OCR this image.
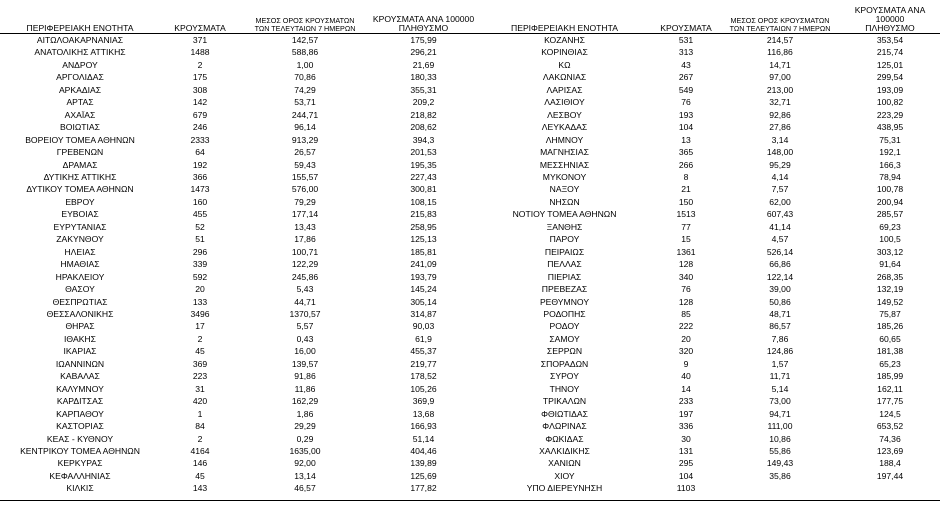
ΠΕΡΙΦΕΡΕΙΑΚΗ ΕΝΟΤΗΤΑ	ΚΡΟΥΣΜΑΤΑ	ΜΕΣΟΣ ΟΡΟΣ ΚΡΟΥΣΜΑΤΩΝ
ΤΩΝ ΤΕΛΕΥΤΑΙΩΝ 7 ΗΜΕΡΩΝ	ΚΡΟΥΣΜΑΤΑ ΑΝΑ 100000
ΠΛΗΘΥΣΜΟ	ΠΕΡΙΦΕΡΕΙΑΚΗ ΕΝΟΤΗΤΑ	ΚΡΟΥΣΜΑΤΑ	ΜΕΣΟΣ ΟΡΟΣ ΚΡΟΥΣΜΑΤΩΝ
ΤΩΝ ΤΕΛΕΥΤΑΙΩΝ 7 ΗΜΕΡΩΝ	ΚΡΟΥΣΜΑΤΑ ΑΝΑ 100000
ΠΛΗΘΥΣΜΟ
ΑΙΤΩΛΟΑΚΑΡΝΑΝΙΑΣ	371	142,57	175,99	ΚΟΖΑΝΗΣ	531	214,57	353,54
ΑΝΑΤΟΛΙΚΗΣ ΑΤΤΙΚΗΣ	1488	588,86	296,21	ΚΟΡΙΝΘΙΑΣ	313	116,86	215,74
ΑΝΔΡΟΥ	2	1,00	21,69	ΚΩ	43	14,71	125,01
ΑΡΓΟΛΙΔΑΣ	175	70,86	180,33	ΛΑΚΩΝΙΑΣ	267	97,00	299,54
ΑΡΚΑΔΙΑΣ	308	74,29	355,31	ΛΑΡΙΣΑΣ	549	213,00	193,09
ΑΡΤΑΣ	142	53,71	209,2	ΛΑΣΙΘΙΟΥ	76	32,71	100,82
ΑΧΑΪΑΣ	679	244,71	218,82	ΛΕΣΒΟΥ	193	92,86	223,29
ΒΟΙΩΤΙΑΣ	246	96,14	208,62	ΛΕΥΚΑΔΑΣ	104	27,86	438,95
ΒΟΡΕΙΟΥ ΤΟΜΕΑ ΑΘΗΝΩΝ	2333	913,29	394,3	ΛΗΜΝΟΥ	13	3,14	75,31
ΓΡΕΒΕΝΩΝ	64	26,57	201,53	ΜΑΓΝΗΣΙΑΣ	365	148,00	192,1
ΔΡΑΜΑΣ	192	59,43	195,35	ΜΕΣΣΗΝΙΑΣ	266	95,29	166,3
ΔΥΤΙΚΗΣ ΑΤΤΙΚΗΣ	366	155,57	227,43	ΜΥΚΟΝΟΥ	8	4,14	78,94
ΔΥΤΙΚΟΥ ΤΟΜΕΑ ΑΘΗΝΩΝ	1473	576,00	300,81	ΝΑΞΟΥ	21	7,57	100,78
ΕΒΡΟΥ	160	79,29	108,15	ΝΗΣΩΝ	150	62,00	200,94
ΕΥΒΟΙΑΣ	455	177,14	215,83	ΝΟΤΙΟΥ ΤΟΜΕΑ ΑΘΗΝΩΝ	1513	607,43	285,57
ΕΥΡΥΤΑΝΙΑΣ	52	13,43	258,95	ΞΑΝΘΗΣ	77	41,14	69,23
ΖΑΚΥΝΘΟΥ	51	17,86	125,13	ΠΑΡΟΥ	15	4,57	100,5
ΗΛΕΙΑΣ	296	100,71	185,81	ΠΕΙΡΑΙΩΣ	1361	526,14	303,12
ΗΜΑΘΙΑΣ	339	122,29	241,09	ΠΕΛΛΑΣ	128	66,86	91,64
ΗΡΑΚΛΕΙΟΥ	592	245,86	193,79	ΠΙΕΡΙΑΣ	340	122,14	268,35
ΘΑΣΟΥ	20	5,43	145,24	ΠΡΕΒΕΖΑΣ	76	39,00	132,19
ΘΕΣΠΡΩΤΙΑΣ	133	44,71	305,14	ΡΕΘΥΜΝΟΥ	128	50,86	149,52
ΘΕΣΣΑΛΟΝΙΚΗΣ	3496	1370,57	314,87	ΡΟΔΟΠΗΣ	85	48,71	75,87
ΘΗΡΑΣ	17	5,57	90,03	ΡΟΔΟΥ	222	86,57	185,26
ΙΘΑΚΗΣ	2	0,43	61,9	ΣΑΜΟΥ	20	7,86	60,65
ΙΚΑΡΙΑΣ	45	16,00	455,37	ΣΕΡΡΩΝ	320	124,86	181,38
ΙΩΑΝΝΙΝΩΝ	369	139,57	219,77	ΣΠΟΡΑΔΩΝ	9	1,57	65,23
ΚΑΒΑΛΑΣ	223	91,86	178,52	ΣΥΡΟΥ	40	11,71	185,99
ΚΑΛΥΜΝΟΥ	31	11,86	105,26	ΤΗΝΟΥ	14	5,14	162,11
ΚΑΡΔΙΤΣΑΣ	420	162,29	369,9	ΤΡΙΚΑΛΩΝ	233	73,00	177,75
ΚΑΡΠΑΘΟΥ	1	1,86	13,68	ΦΘΙΩΤΙΔΑΣ	197	94,71	124,5
ΚΑΣΤΟΡΙΑΣ	84	29,29	166,93	ΦΛΩΡΙΝΑΣ	336	111,00	653,52
ΚΕΑΣ - ΚΥΘΝΟΥ	2	0,29	51,14	ΦΩΚΙΔΑΣ	30	10,86	74,36
ΚΕΝΤΡΙΚΟΥ ΤΟΜΕΑ ΑΘΗΝΩΝ	4164	1635,00	404,46	ΧΑΛΚΙΔΙΚΗΣ	131	55,86	123,69
ΚΕΡΚΥΡΑΣ	146	92,00	139,89	ΧΑΝΙΩΝ	295	149,43	188,4
ΚΕΦΑΛΛΗΝΙΑΣ	45	13,14	125,69	ΧΙΟΥ	104	35,86	197,44
ΚΙΛΚΙΣ	143	46,57	177,82	ΥΠΟ ΔΙΕΡΕΥΝΗΣΗ	1103		
